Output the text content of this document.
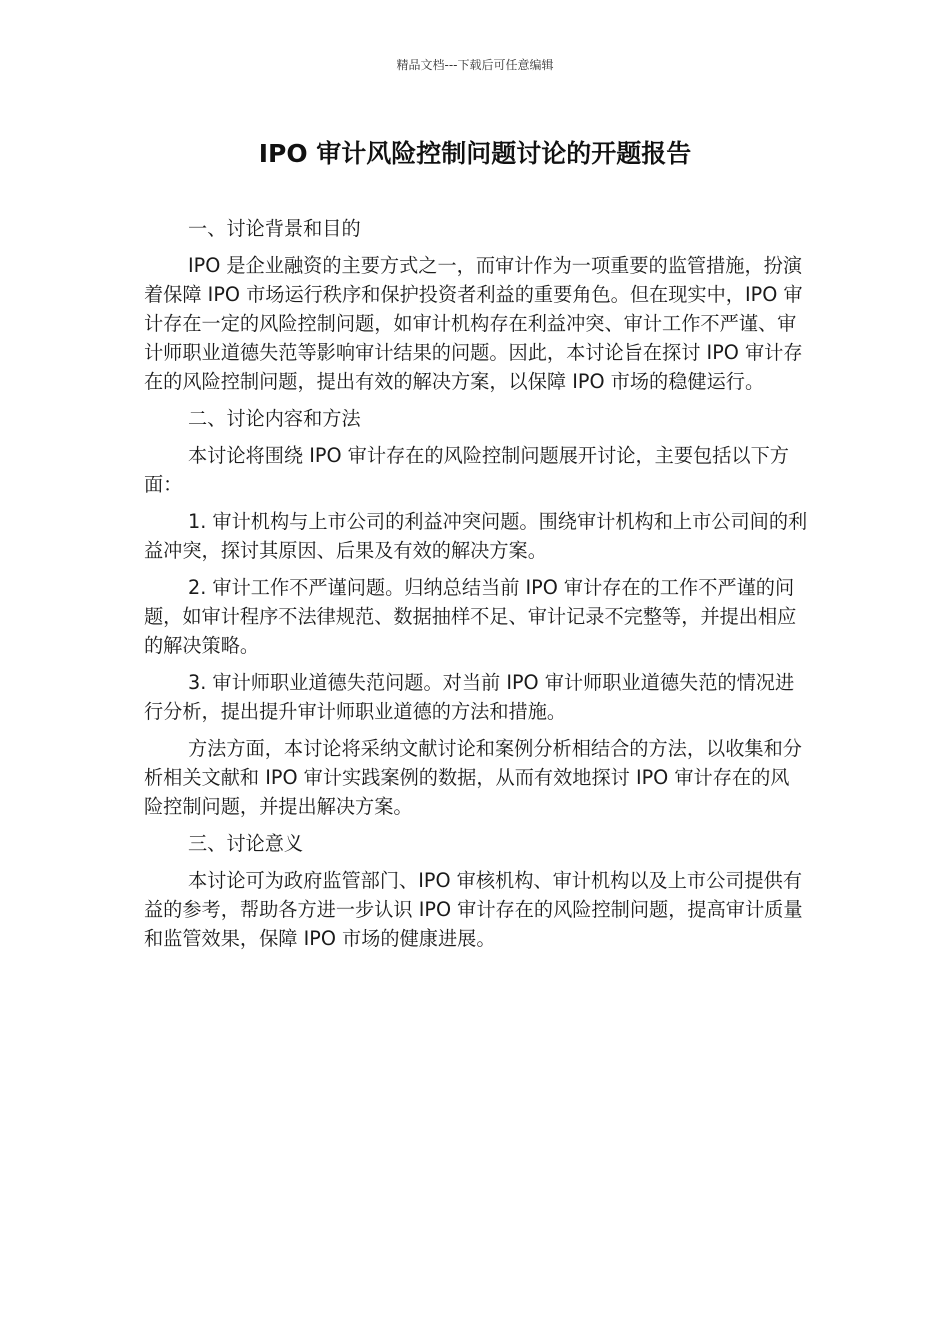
精品文档---下载后可任意编辑
IPO 审计风险控制问题讨论的开题报告

一、讨论背景和目的

IPO 是企业融资的主要方式之一，而审计作为一项重要的监管措施，扮演着保障 IPO 市场运行秩序和保护投资者利益的重要角色。但在现实中，IPO 审计存在一定的风险控制问题，如审计机构存在利益冲突、审计工作不严谨、审计师职业道德失范等影响审计结果的问题。因此，本讨论旨在探讨 IPO 审计存在的风险控制问题，提出有效的解决方案，以保障 IPO 市场的稳健运行。

二、讨论内容和方法

本讨论将围绕 IPO 审计存在的风险控制问题展开讨论，主要包括以下方面：

1. 审计机构与上市公司的利益冲突问题。围绕审计机构和上市公司间的利益冲突，探讨其原因、后果及有效的解决方案。

2. 审计工作不严谨问题。归纳总结当前 IPO 审计存在的工作不严谨的问题，如审计程序不法律规范、数据抽样不足、审计记录不完整等，并提出相应的解决策略。

3. 审计师职业道德失范问题。对当前 IPO 审计师职业道德失范的情况进行分析，提出提升审计师职业道德的方法和措施。

方法方面，本讨论将采纳文献讨论和案例分析相结合的方法，以收集和分析相关文献和 IPO 审计实践案例的数据，从而有效地探讨 IPO 审计存在的风险控制问题，并提出解决方案。

三、讨论意义

本讨论可为政府监管部门、IPO 审核机构、审计机构以及上市公司提供有益的参考，帮助各方进一步认识 IPO 审计存在的风险控制问题，提高审计质量和监管效果，保障 IPO 市场的健康进展。
